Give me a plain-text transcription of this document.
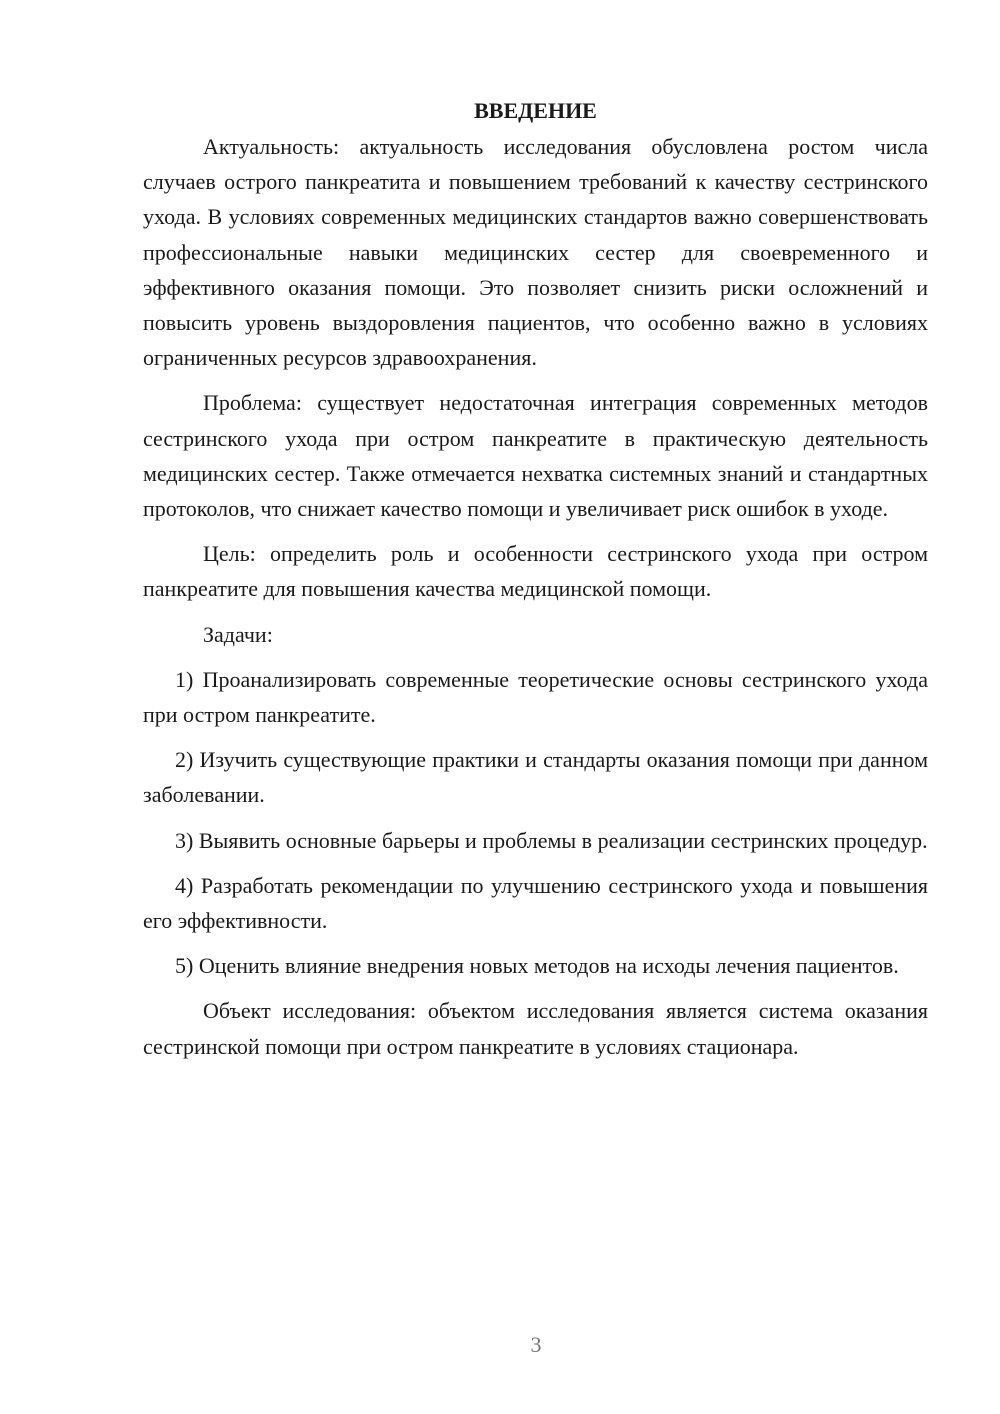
ВВЕДЕНИЕ

Актуальность: актуальность исследования обусловлена ростом числа случаев острого панкреатита и повышением требований к качеству сестринского ухода. В условиях современных медицинских стандартов важно совершенствовать профессиональные навыки медицинских сестер для своевременного и эффективного оказания помощи. Это позволяет снизить риски осложнений и повысить уровень выздоровления пациентов, что особенно важно в условиях ограниченных ресурсов здравоохранения.

Проблема: существует недостаточная интеграция современных методов сестринского ухода при остром панкреатите в практическую деятельность медицинских сестер. Также отмечается нехватка системных знаний и стандартных протоколов, что снижает качество помощи и увеличивает риск ошибок в уходе.

Цель: определить роль и особенности сестринского ухода при остром панкреатите для повышения качества медицинской помощи.

Задачи:

1) Проанализировать современные теоретические основы сестринского ухода при остром панкреатите.

2) Изучить существующие практики и стандарты оказания помощи при данном заболевании.

3) Выявить основные барьеры и проблемы в реализации сестринских процедур.

4) Разработать рекомендации по улучшению сестринского ухода и повышения его эффективности.

5) Оценить влияние внедрения новых методов на исходы лечения пациентов.

Объект исследования: объектом исследования является система оказания сестринской помощи при остром панкреатите в условиях стационара.

3
